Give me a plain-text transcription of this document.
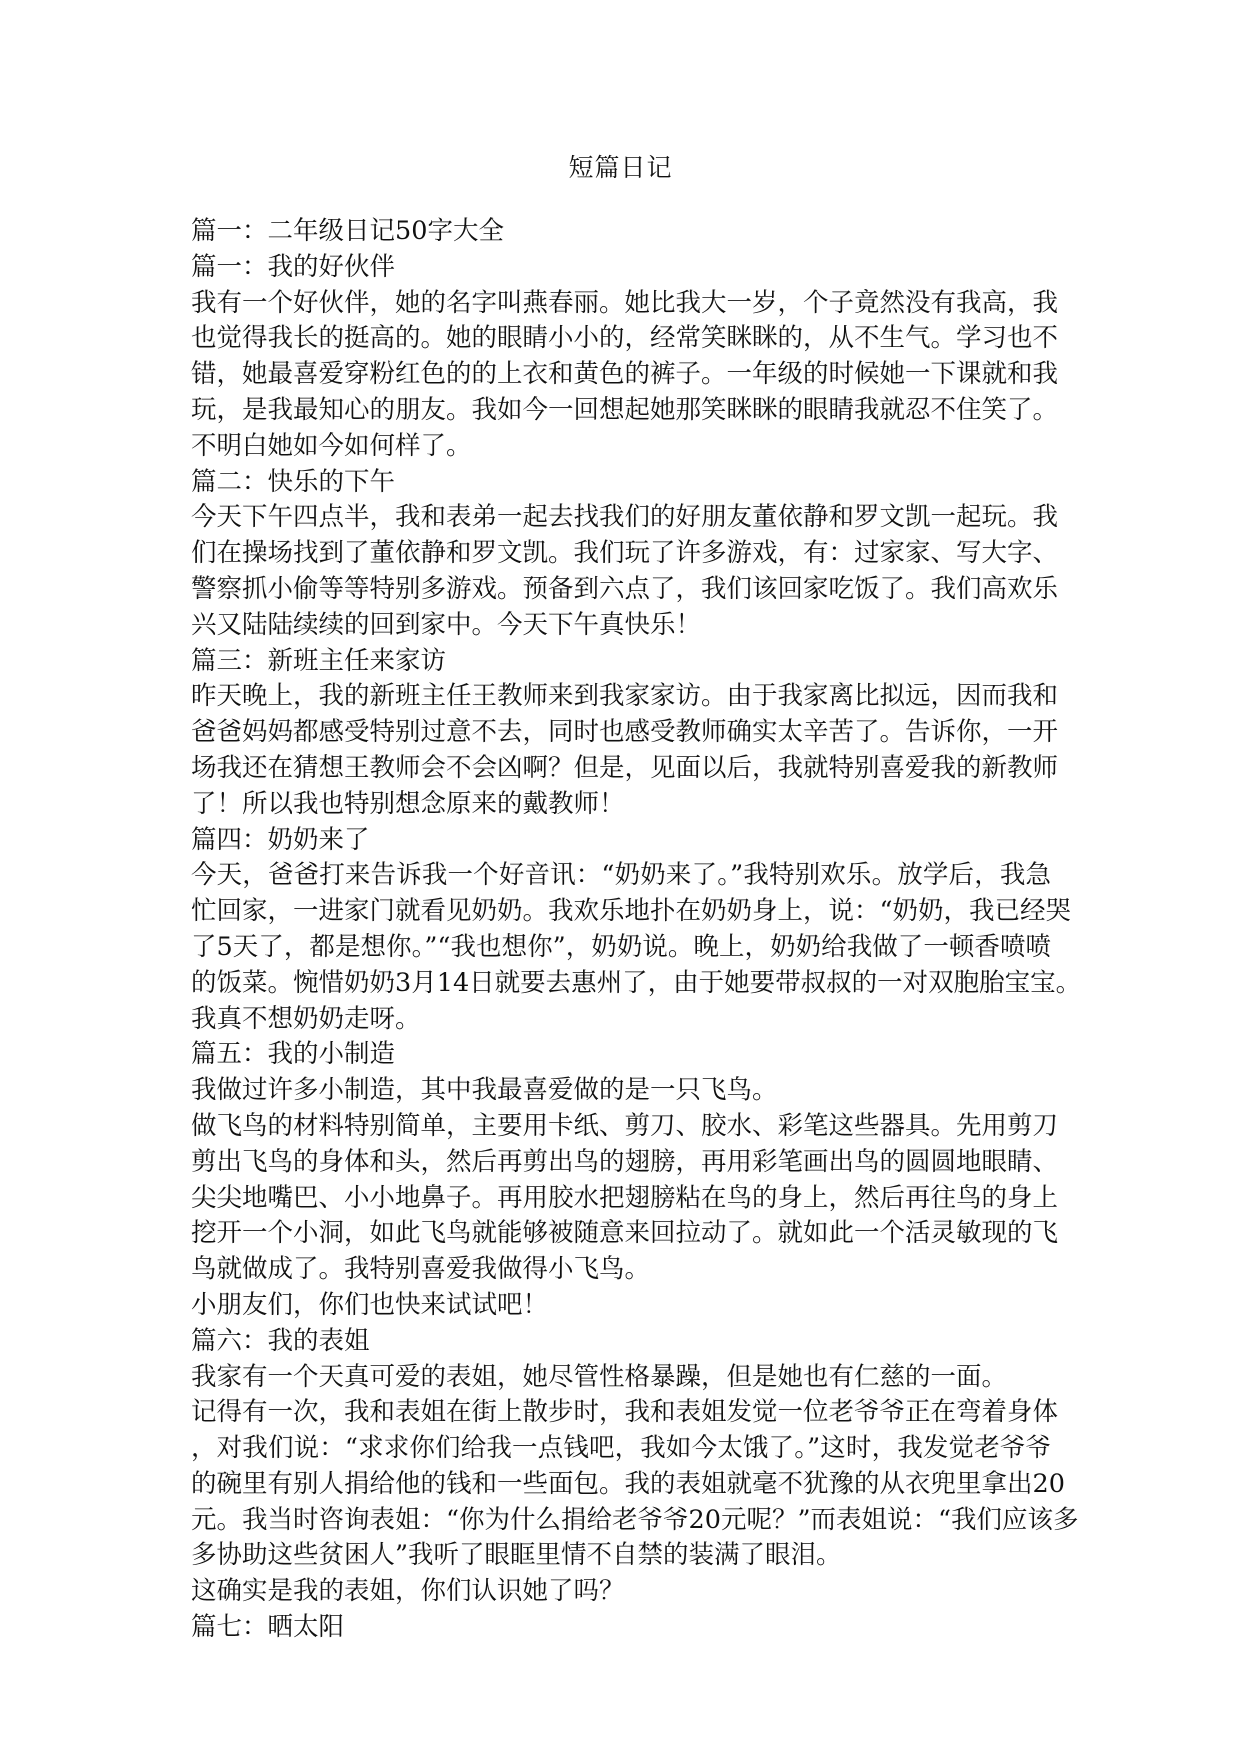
短篇日记
篇一：二年级日记50字大全
篇一：我的好伙伴
我有一个好伙伴，她的名字叫燕春丽。她比我大一岁，个子竟然没有我高，我
也觉得我长的挺高的。她的眼睛小小的，经常笑眯眯的，从不生气。学习也不
错，她最喜爱穿粉红色的的上衣和黄色的裤子。一年级的时候她一下课就和我
玩，是我最知心的朋友。我如今一回想起她那笑眯眯的眼睛我就忍不住笑了。
不明白她如今如何样了。
篇二：快乐的下午
今天下午四点半，我和表弟一起去找我们的好朋友董依静和罗文凯一起玩。我
们在操场找到了董依静和罗文凯。我们玩了许多游戏，有：过家家、写大字、
警察抓小偷等等特别多游戏。预备到六点了，我们该回家吃饭了。我们高欢乐
兴又陆陆续续的回到家中。今天下午真快乐！
篇三：新班主任来家访
昨天晚上，我的新班主任王教师来到我家家访。由于我家离比拟远，因而我和
爸爸妈妈都感受特别过意不去，同时也感受教师确实太辛苦了。告诉你，一开
场我还在猜想王教师会不会凶啊？但是，见面以后，我就特别喜爱我的新教师
了！所以我也特别想念原来的戴教师！
篇四：奶奶来了
今天，爸爸打来告诉我一个好音讯：“奶奶来了。”我特别欢乐。放学后，我急
忙回家，一进家门就看见奶奶。我欢乐地扑在奶奶身上，说：“奶奶，我已经哭
了5天了，都是想你。”“我也想你”，奶奶说。晚上，奶奶给我做了一顿香喷喷
的饭菜。惋惜奶奶3月14日就要去惠州了，由于她要带叔叔的一对双胞胎宝宝。
我真不想奶奶走呀。
篇五：我的小制造
我做过许多小制造，其中我最喜爱做的是一只飞鸟。
做飞鸟的材料特别简单，主要用卡纸、剪刀、胶水、彩笔这些器具。先用剪刀
剪出飞鸟的身体和头，然后再剪出鸟的翅膀，再用彩笔画出鸟的圆圆地眼睛、
尖尖地嘴巴、小小地鼻子。再用胶水把翅膀粘在鸟的身上，然后再往鸟的身上
挖开一个小洞，如此飞鸟就能够被随意来回拉动了。就如此一个活灵敏现的飞
鸟就做成了。我特别喜爱我做得小飞鸟。
小朋友们，你们也快来试试吧！
篇六：我的表姐
我家有一个天真可爱的表姐，她尽管性格暴躁，但是她也有仁慈的一面。
记得有一次，我和表姐在街上散步时，我和表姐发觉一位老爷爷正在弯着身体
，对我们说：“求求你们给我一点钱吧，我如今太饿了。”这时，我发觉老爷爷
的碗里有别人捐给他的钱和一些面包。我的表姐就毫不犹豫的从衣兜里拿出20
元。我当时咨询表姐：“你为什么捐给老爷爷20元呢？”而表姐说：“我们应该多
多协助这些贫困人”我听了眼眶里情不自禁的装满了眼泪。
这确实是我的表姐，你们认识她了吗？
篇七：晒太阳
